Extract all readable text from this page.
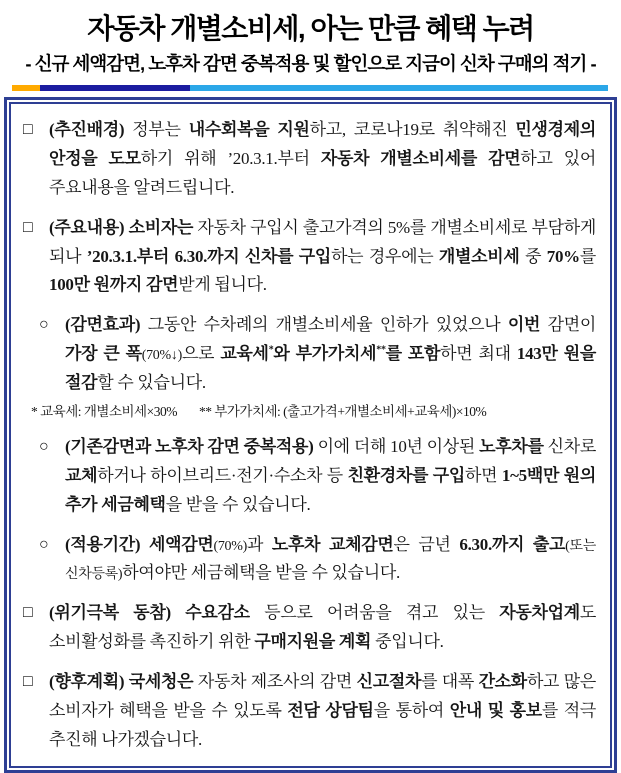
자동차 개별소비세, 아는 만큼 혜택 누려
- 신규 세액감면, 노후차 감면 중복적용 및 할인으로 지금이 신차 구매의 적기 -
□ (추진배경) 정부는 내수회복을 지원하고, 코로나19로 취약해진 민생경제의 안정을 도모하기 위해 ’20.3.1.부터 자동차 개별소비세를 감면하고 있어 주요내용을 알려드립니다.
□ (주요내용) 소비자는 자동차 구입시 출고가격의 5%를 개별소비세로 부담하게 되나 ’20.3.1.부터 6.30.까지 신차를 구입하는 경우에는 개별소비세 중 70%를 100만 원까지 감면받게 됩니다.
○ (감면효과) 그동안 수차례의 개별소비세율 인하가 있었으나 이번 감면이 가장 큰 폭(70%↓)으로 교육세*와 부가가치세**를 포함하면 최대 143만 원을 절감할 수 있습니다.
* 교육세: 개별소비세×30% ** 부가가치세: (출고가격+개별소비세+교육세)×10%
○ (기존감면과 노후차 감면 중복적용) 이에 더해 10년 이상된 노후차를 신차로 교체하거나 하이브리드·전기·수소차 등 친환경차를 구입하면 1~5백만 원의 추가 세금혜택을 받을 수 있습니다.
○ (적용기간) 세액감면(70%)과 노후차 교체감면은 금년 6.30.까지 출고(또는 신차등록)하여야만 세금혜택을 받을 수 있습니다.
□ (위기극복 동참) 수요감소 등으로 어려움을 겪고 있는 자동차업계도 소비활성화를 촉진하기 위한 구매지원을 계획 중입니다.
□ (향후계획) 국세청은 자동차 제조사의 감면 신고절차를 대폭 간소화하고 많은 소비자가 혜택을 받을 수 있도록 전담 상담팀을 통하여 안내 및 홍보를 적극 추진해 나가겠습니다.
